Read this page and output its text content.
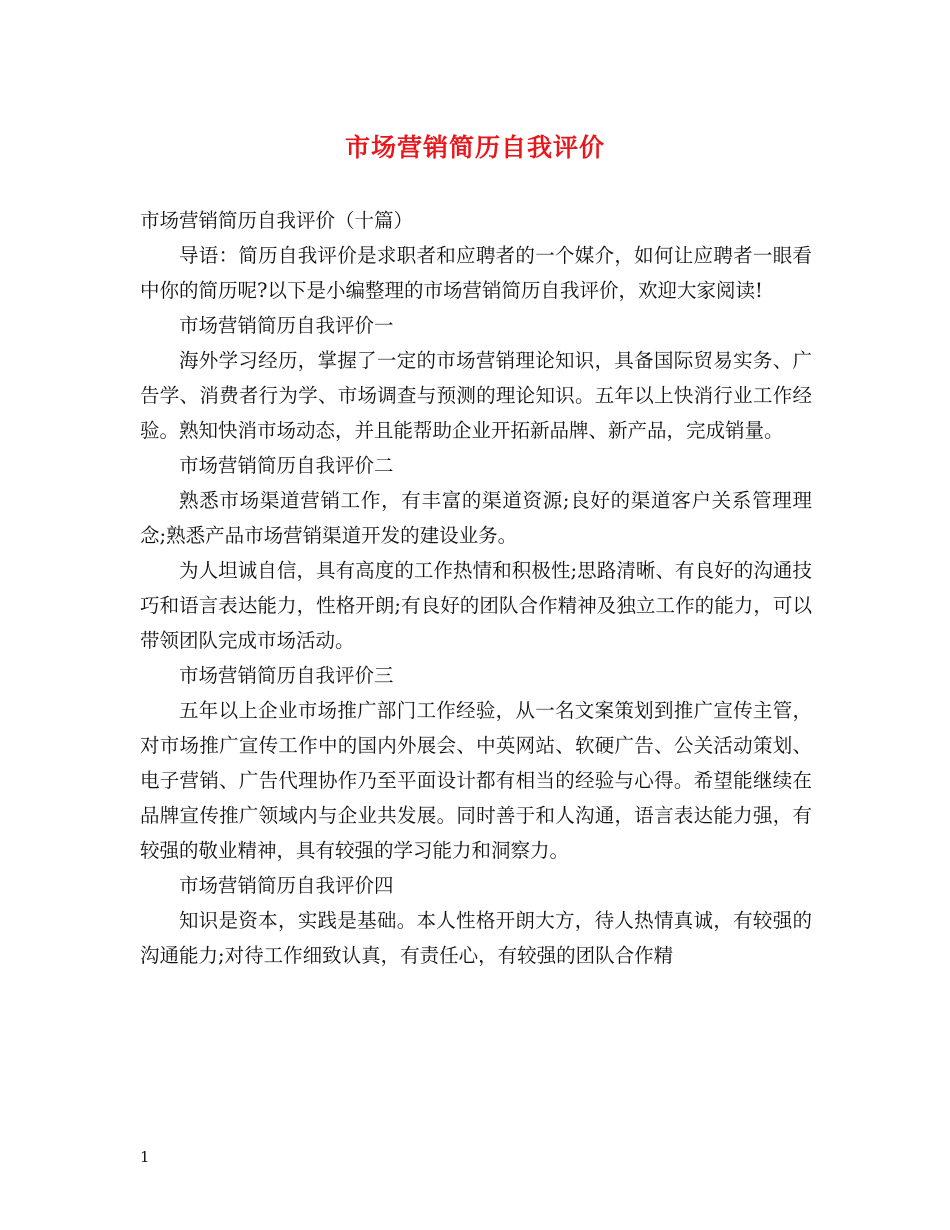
市场营销简历自我评价

市场营销简历自我评价（十篇）

导语：简历自我评价是求职者和应聘者的一个媒介，如何让应聘者一眼看中你的简历呢?以下是小编整理的市场营销简历自我评价，欢迎大家阅读!

市场营销简历自我评价一

海外学习经历，掌握了一定的市场营销理论知识，具备国际贸易实务、广告学、消费者行为学、市场调查与预测的理论知识。五年以上快消行业工作经验。熟知快消市场动态，并且能帮助企业开拓新品牌、新产品，完成销量。

市场营销简历自我评价二

熟悉市场渠道营销工作，有丰富的渠道资源;良好的渠道客户关系管理理念;熟悉产品市场营销渠道开发的建设业务。

为人坦诚自信，具有高度的工作热情和积极性;思路清晰、有良好的沟通技巧和语言表达能力，性格开朗;有良好的团队合作精神及独立工作的能力，可以带领团队完成市场活动。

市场营销简历自我评价三

五年以上企业市场推广部门工作经验，从一名文案策划到推广宣传主管，对市场推广宣传工作中的国内外展会、中英网站、软硬广告、公关活动策划、电子营销、广告代理协作乃至平面设计都有相当的经验与心得。希望能继续在品牌宣传推广领域内与企业共发展。同时善于和人沟通，语言表达能力强，有较强的敬业精神，具有较强的学习能力和洞察力。

市场营销简历自我评价四

知识是资本，实践是基础。本人性格开朗大方，待人热情真诚，有较强的沟通能力;对待工作细致认真，有责任心，有较强的团队合作精

1
